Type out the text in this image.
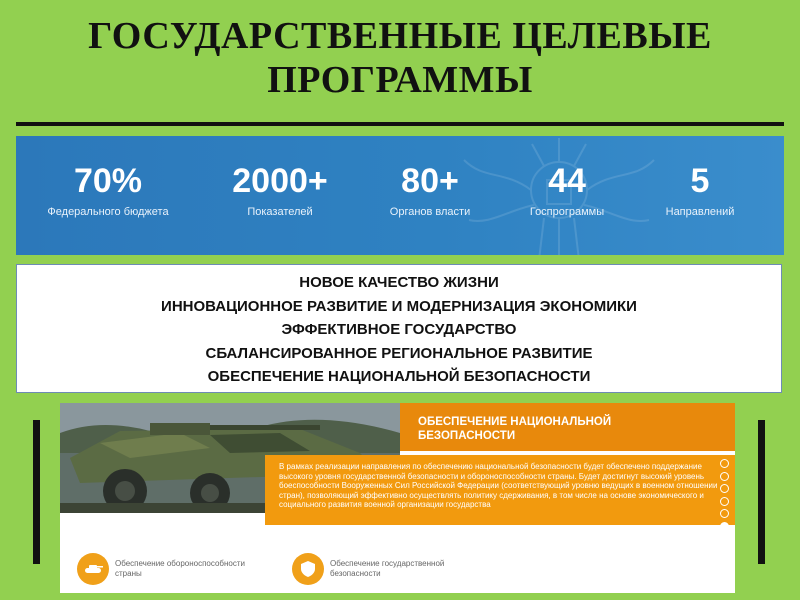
ГОСУДАРСТВЕННЫЕ ЦЕЛЕВЫЕ
ПРОГРАММЫ
70%
Федерального бюджета
2000+
Показателей
80+
Органов власти
44
Госпрограммы
5
Направлений
НОВОЕ КАЧЕСТВО ЖИЗНИ
ИННОВАЦИОННОЕ РАЗВИТИЕ И МОДЕРНИЗАЦИЯ ЭКОНОМИКИ
ЭФФЕКТИВНОЕ ГОСУДАРСТВО
СБАЛАНСИРОВАННОЕ РЕГИОНАЛЬНОЕ РАЗВИТИЕ
ОБЕСПЕЧЕНИЕ НАЦИОНАЛЬНОЙ БЕЗОПАСНОСТИ
ОБЕСПЕЧЕНИЕ НАЦИОНАЛЬНОЙ
БЕЗОПАСНОСТИ
В рамках реализации направления по обеспечению национальной безопасности будет обеспечено поддержание высокого уровня государственной безопасности и обороноспособности страны. Будет достигнут высокий уровень боеспособности Вооруженных Сил Российской Федерации (соответствующий уровню ведущих в военном отношении стран), позволяющий эффективно осуществлять политику сдерживания, в том числе на основе экономического и социального развития военной организации государства
Обеспечение обороноспособности
страны
Обеспечение государственной
безопасности
